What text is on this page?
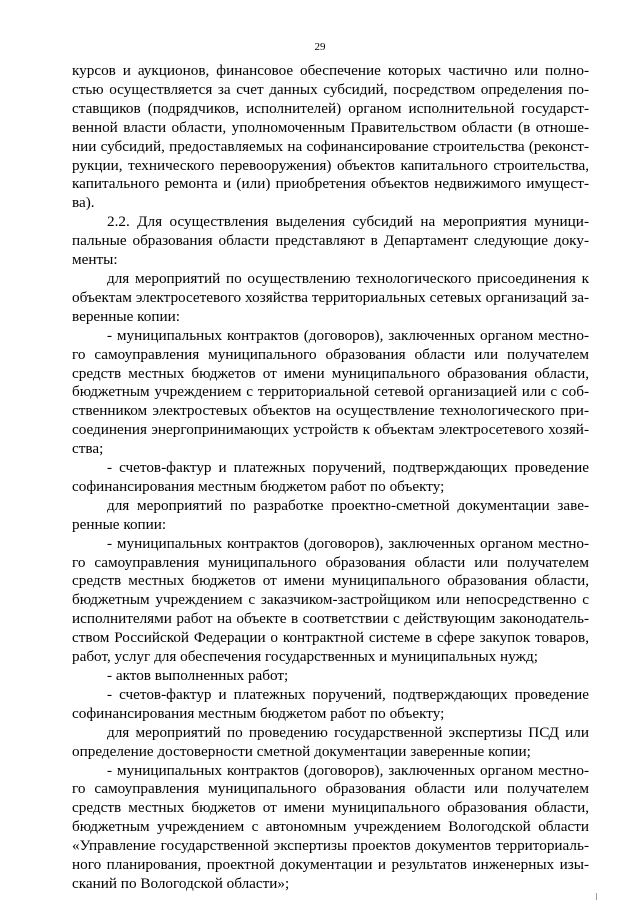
29

курсов и аукционов, финансовое обеспечение которых частично или полностью осуществляется за счет данных субсидий, посредством определения поставщиков (подрядчиков, исполнителей) органом исполнительной государственной власти области, уполномоченным Правительством области (в отношении субсидий, предоставляемых на софинансирование строительства (реконструкции, технического перевооружения) объектов капитального строительства, капитального ремонта и (или) приобретения объектов недвижимого имущества).

2.2. Для осуществления выделения субсидий на мероприятия муниципальные образования области представляют в Департамент следующие документы:

для мероприятий по осуществлению технологического присоединения к объектам электросетевого хозяйства территориальных сетевых организаций заверенные копии:

- муниципальных контрактов (договоров), заключенных органом местного самоуправления муниципального образования области или получателем средств местных бюджетов от имени муниципального образования области, бюджетным учреждением с территориальной сетевой организацией или с собственником электростевых объектов на осуществление технологического присоединения энергопринимающих устройств к объектам электросетевого хозяйства;

- счетов-фактур и платежных поручений, подтверждающих проведение софинансирования местным бюджетом работ по объекту;

для мероприятий по разработке проектно-сметной документации заверенные копии:

- муниципальных контрактов (договоров), заключенных органом местного самоуправления муниципального образования области или получателем средств местных бюджетов от имени муниципального образования области, бюджетным учреждением с заказчиком-застройщиком или непосредственно с исполнителями работ на объекте в соответствии с действующим законодательством Российской Федерации о контрактной системе в сфере закупок товаров, работ, услуг для обеспечения государственных и муниципальных нужд;

- актов выполненных работ;

- счетов-фактур и платежных поручений, подтверждающих проведение софинансирования местным бюджетом работ по объекту;

для мероприятий по проведению государственной экспертизы ПСД или определение достоверности сметной документации заверенные копии;

- муниципальных контрактов (договоров), заключенных органом местного самоуправления муниципального образования области или получателем средств местных бюджетов от имени муниципального образования области, бюджетным учреждением с автономным учреждением Вологодской области «Управление государственной экспертизы проектов документов территориального планирования, проектной документации и результатов инженерных изысканий по Вологодской области»;
